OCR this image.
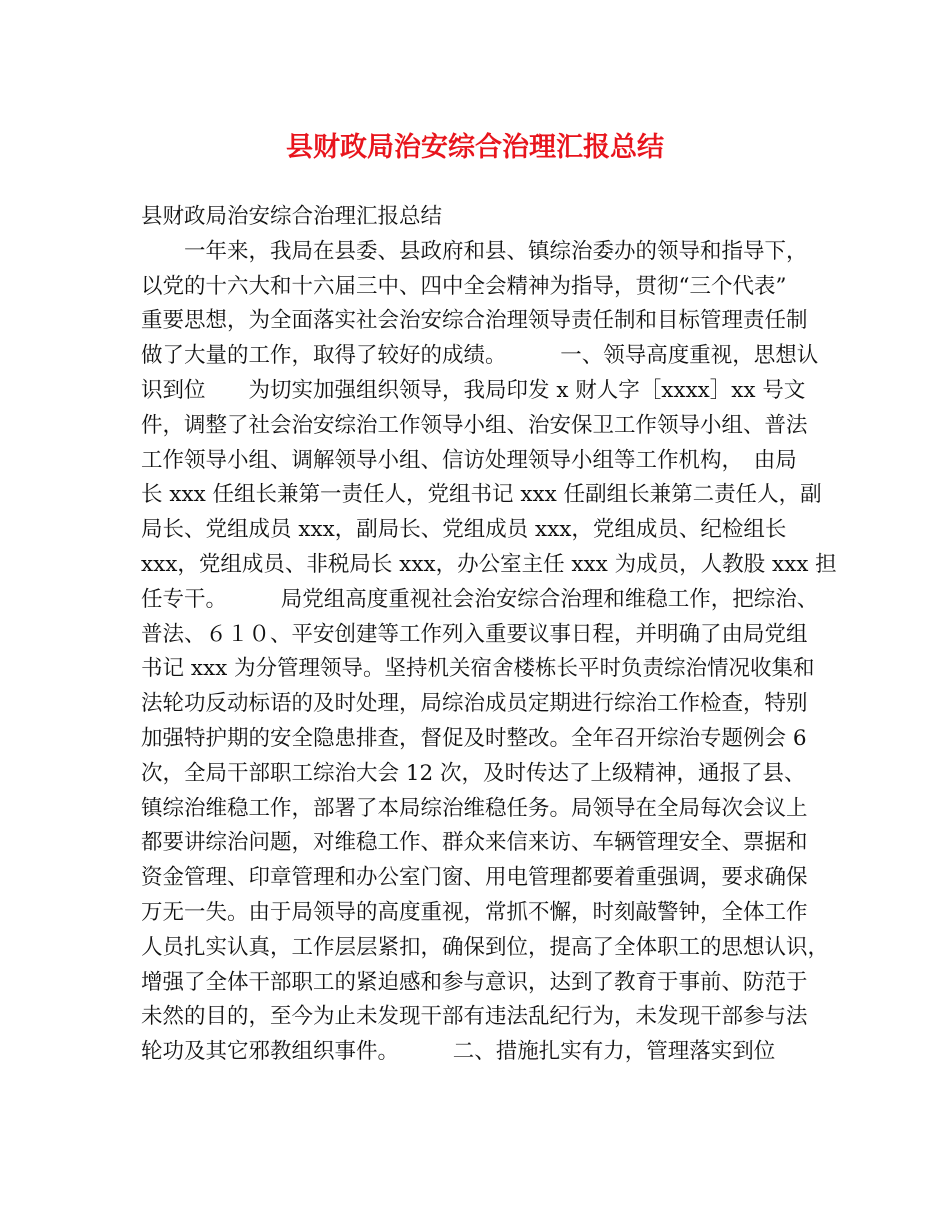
县财政局治安综合治理汇报总结
县财政局治安综合治理汇报总结
　　一年来，我局在县委、县政府和县、镇综治委办的领导和指导下，
以党的十六大和十六届三中、四中全会精神为指导，贯彻“三个代表”
重要思想，为全面落实社会治安综合治理领导责任制和目标管理责任制
做了大量的工作，取得了较好的成绩。　　　一、领导高度重视，思想认
识到位　　为切实加强组织领导，我局印发 x 财人字［xxxx］xx 号文
件，调整了社会治安综治工作领导小组、治安保卫工作领导小组、普法
工作领导小组、调解领导小组、信访处理领导小组等工作机构，　由局
长 xxx 任组长兼第一责任人，党组书记 xxx 任副组长兼第二责任人，副
局长、党组成员 xxx，副局长、党组成员 xxx，党组成员、纪检组长
xxx，党组成员、非税局长 xxx，办公室主任 xxx 为成员，人教股 xxx 担
任专干。　　　局党组高度重视社会治安综合治理和维稳工作，把综治、
普法、６１０、平安创建等工作列入重要议事日程，并明确了由局党组
书记 xxx 为分管理领导。坚持机关宿舍楼栋长平时负责综治情况收集和
法轮功反动标语的及时处理，局综治成员定期进行综治工作检查，特别
加强特护期的安全隐患排查，督促及时整改。全年召开综治专题例会 6
次，全局干部职工综治大会 12 次，及时传达了上级精神，通报了县、
镇综治维稳工作，部署了本局综治维稳任务。局领导在全局每次会议上
都要讲综治问题，对维稳工作、群众来信来访、车辆管理安全、票据和
资金管理、印章管理和办公室门窗、用电管理都要着重强调，要求确保
万无一失。由于局领导的高度重视，常抓不懈，时刻敲警钟，全体工作
人员扎实认真，工作层层紧扣，确保到位，提高了全体职工的思想认识，
增强了全体干部职工的紧迫感和参与意识，达到了教育于事前、防范于
未然的目的，至今为止未发现干部有违法乱纪行为，未发现干部参与法
轮功及其它邪教组织事件。　　　二、措施扎实有力，管理落实到位
